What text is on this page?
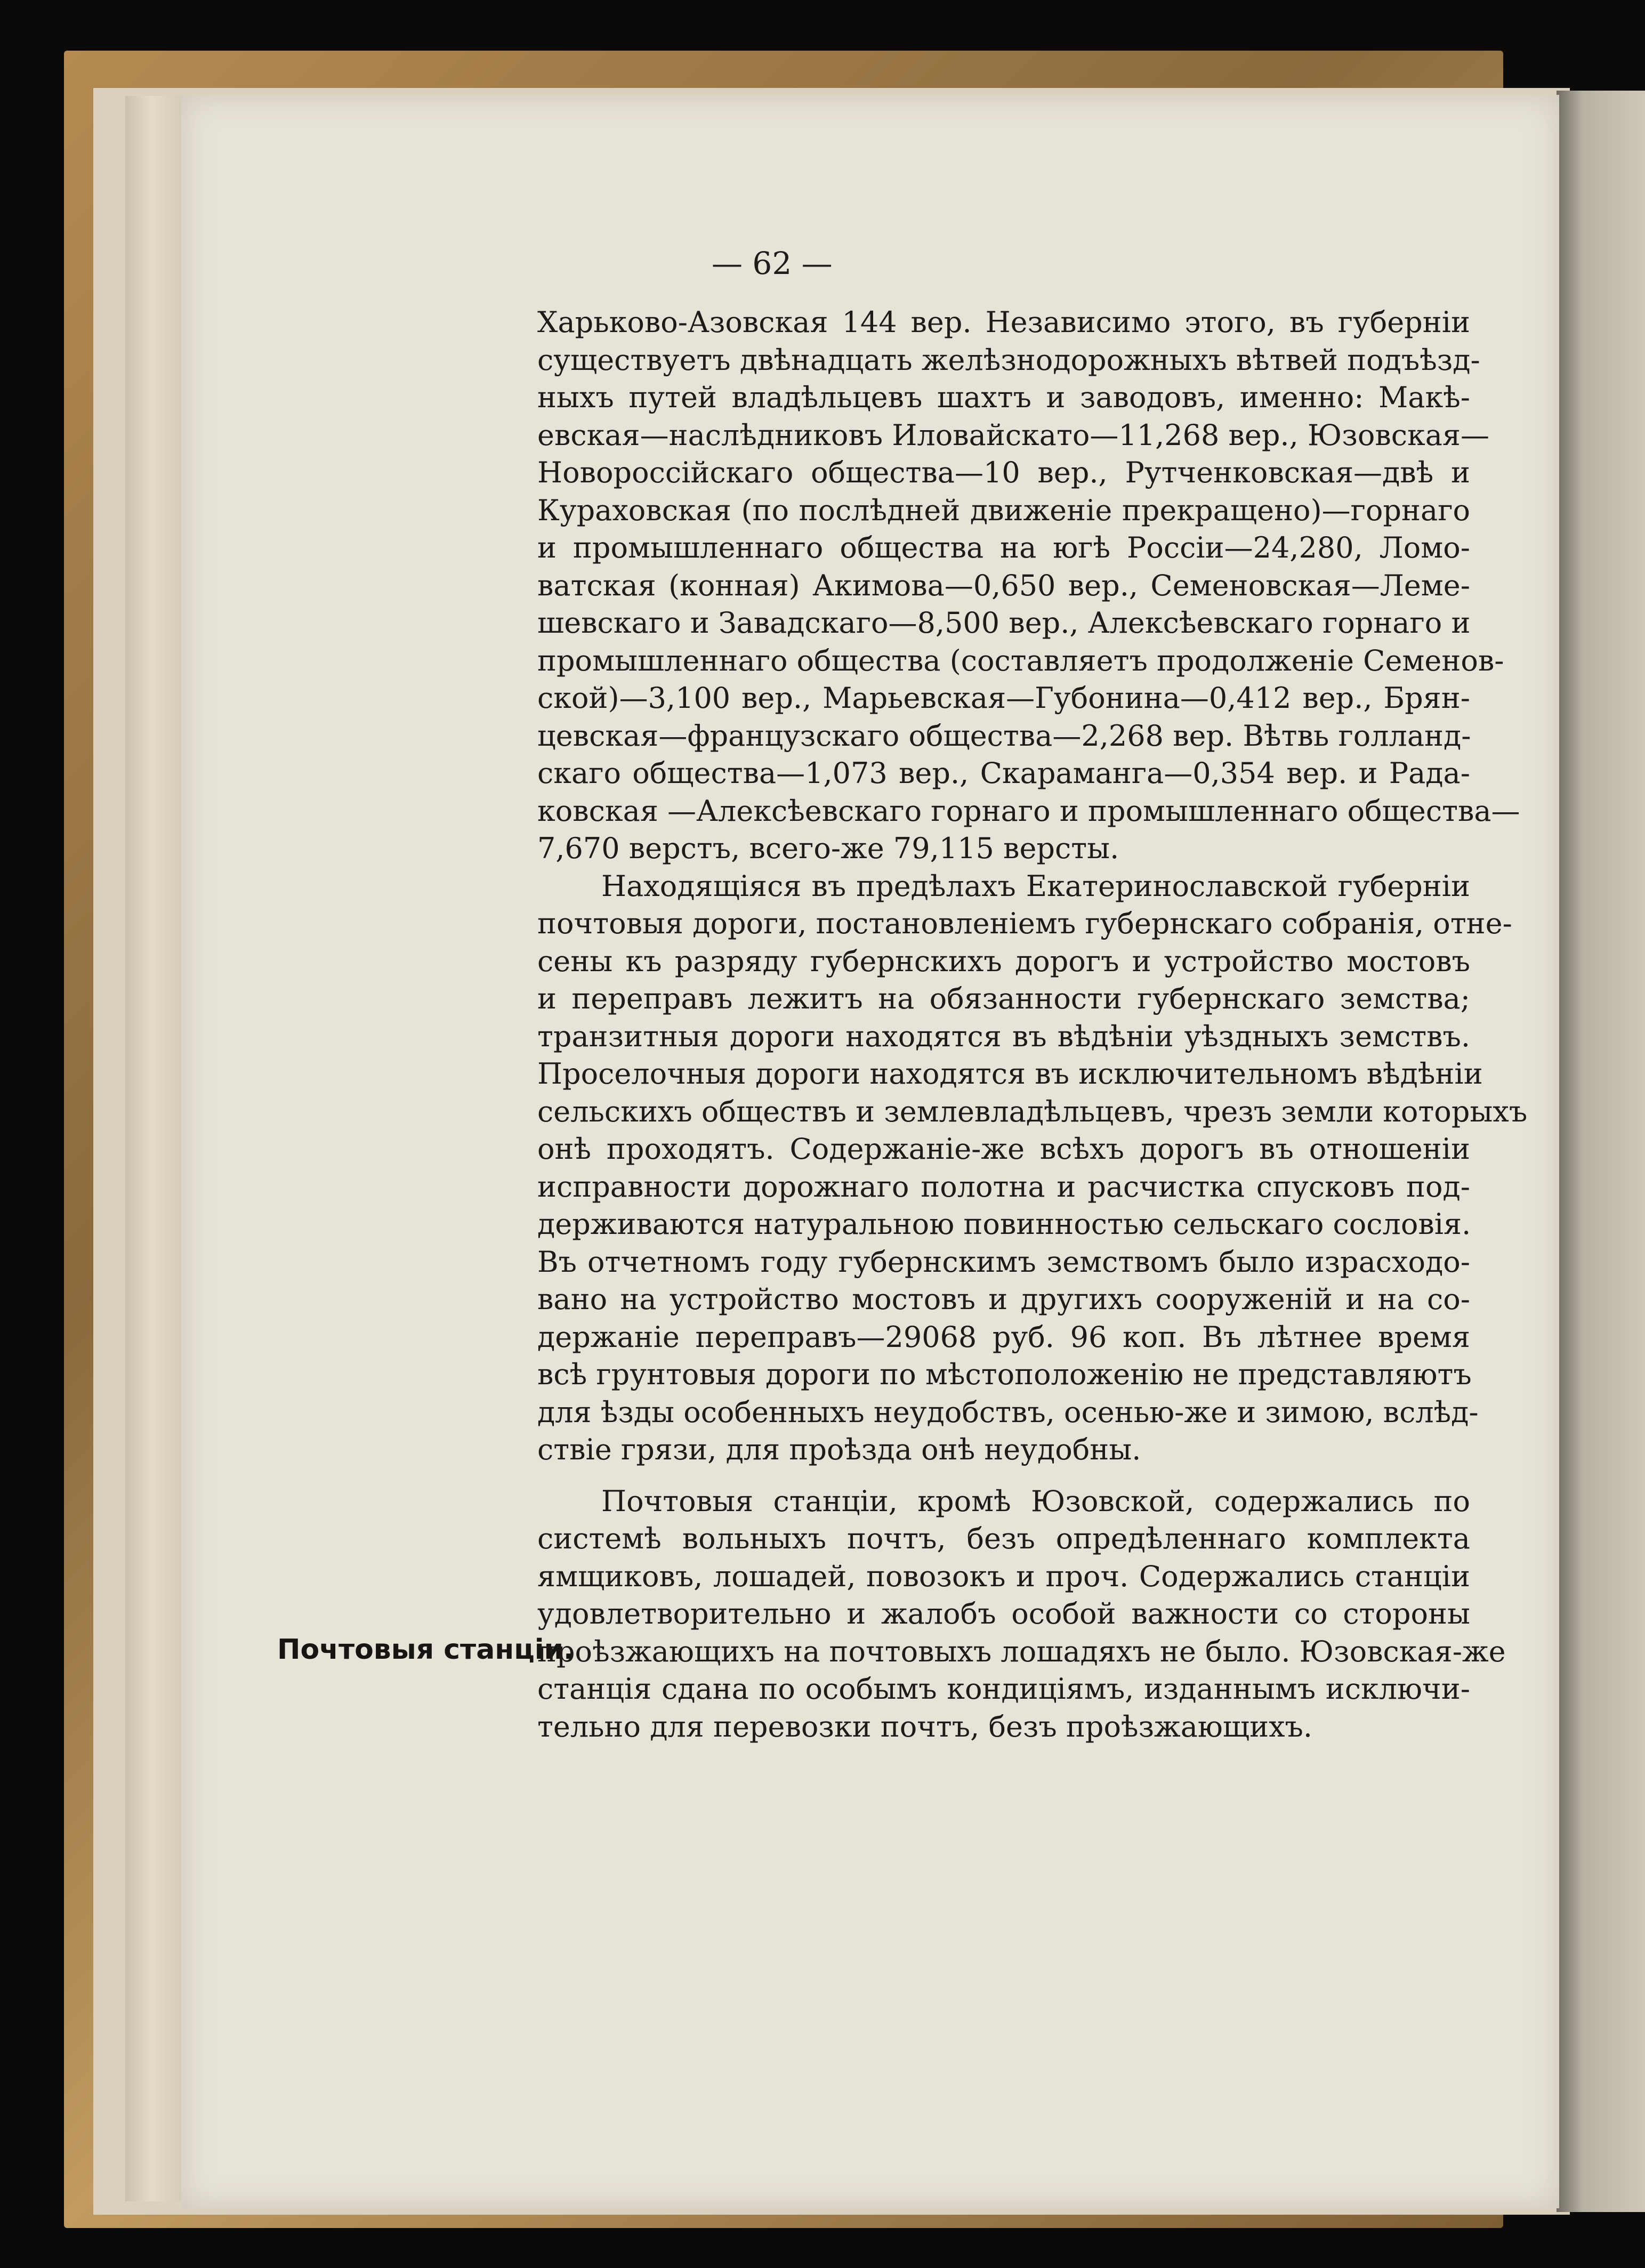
— 62 —
Почтовыя станціи.
Харьково-Азовская 144 вер. Независимо этого, въ губерніи
существуетъ двѣнадцать желѣзнодорожныхъ вѣтвей подъѣзд-
ныхъ путей владѣльцевъ шахтъ и заводовъ, именно: Макѣ-
евская—наслѣдниковъ Иловайскато—11,268 вер., Юзовская—
Новороссійскаго общества—10 вер., Рутченковская—двѣ и
Кураховская (по послѣдней движеніе прекращено)—горнаго
и промышленнаго общества на югѣ Россіи—24,280, Ломо-
ватская (конная) Акимова—0,650 вер., Семеновская—Леме-
шевскаго и Завадскаго—8,500 вер., Алексѣевскаго горнаго и
промышленнаго общества (составляетъ продолженіе Семенов-
ской)—3,100 вер., Марьевская—Губонина—0,412 вер., Брян-
цевская—французскаго общества—2,268 вер. Вѣтвь голланд-
скаго общества—1,073 вер., Скараманга—0,354 вер. и Рада-
ковская —Алексѣевскаго горнаго и промышленнаго общества—
7,670 верстъ, всего-же 79,115 версты.
Находящіяся въ предѣлахъ Екатеринославской губерніи
почтовыя дороги, постановленіемъ губернскаго собранія, отне-
сены къ разряду губернскихъ дорогъ и устройство мостовъ
и переправъ лежитъ на обязанности губернскаго земства;
транзитныя дороги находятся въ вѣдѣніи уѣздныхъ земствъ.
Проселочныя дороги находятся въ исключительномъ вѣдѣніи
сельскихъ обществъ и землевладѣльцевъ, чрезъ земли которыхъ
онѣ проходятъ. Содержаніе-же всѣхъ дорогъ въ отношеніи
исправности дорожнаго полотна и расчистка спусковъ под-
держиваются натуральною повинностью сельскаго сословія.
Въ отчетномъ году губернскимъ земствомъ было израсходо-
вано на устройство мостовъ и другихъ сооруженій и на со-
держаніе переправъ—29068 руб. 96 коп. Въ лѣтнее время
всѣ грунтовыя дороги по мѣстоположенію не представляютъ
для ѣзды особенныхъ неудобствъ, осенью-же и зимою, вслѣд-
ствіе грязи, для проѣзда онѣ неудобны.
Почтовыя станціи, кромѣ Юзовской, содержались по
системѣ вольныхъ почтъ, безъ опредѣленнаго комплекта
ямщиковъ, лошадей, повозокъ и проч. Содержались станціи
удовлетворительно и жалобъ особой важности со стороны
проѣзжающихъ на почтовыхъ лошадяхъ не было. Юзовская-же
станція сдана по особымъ кондиціямъ, изданнымъ исключи-
тельно для перевозки почтъ, безъ проѣзжающихъ.
